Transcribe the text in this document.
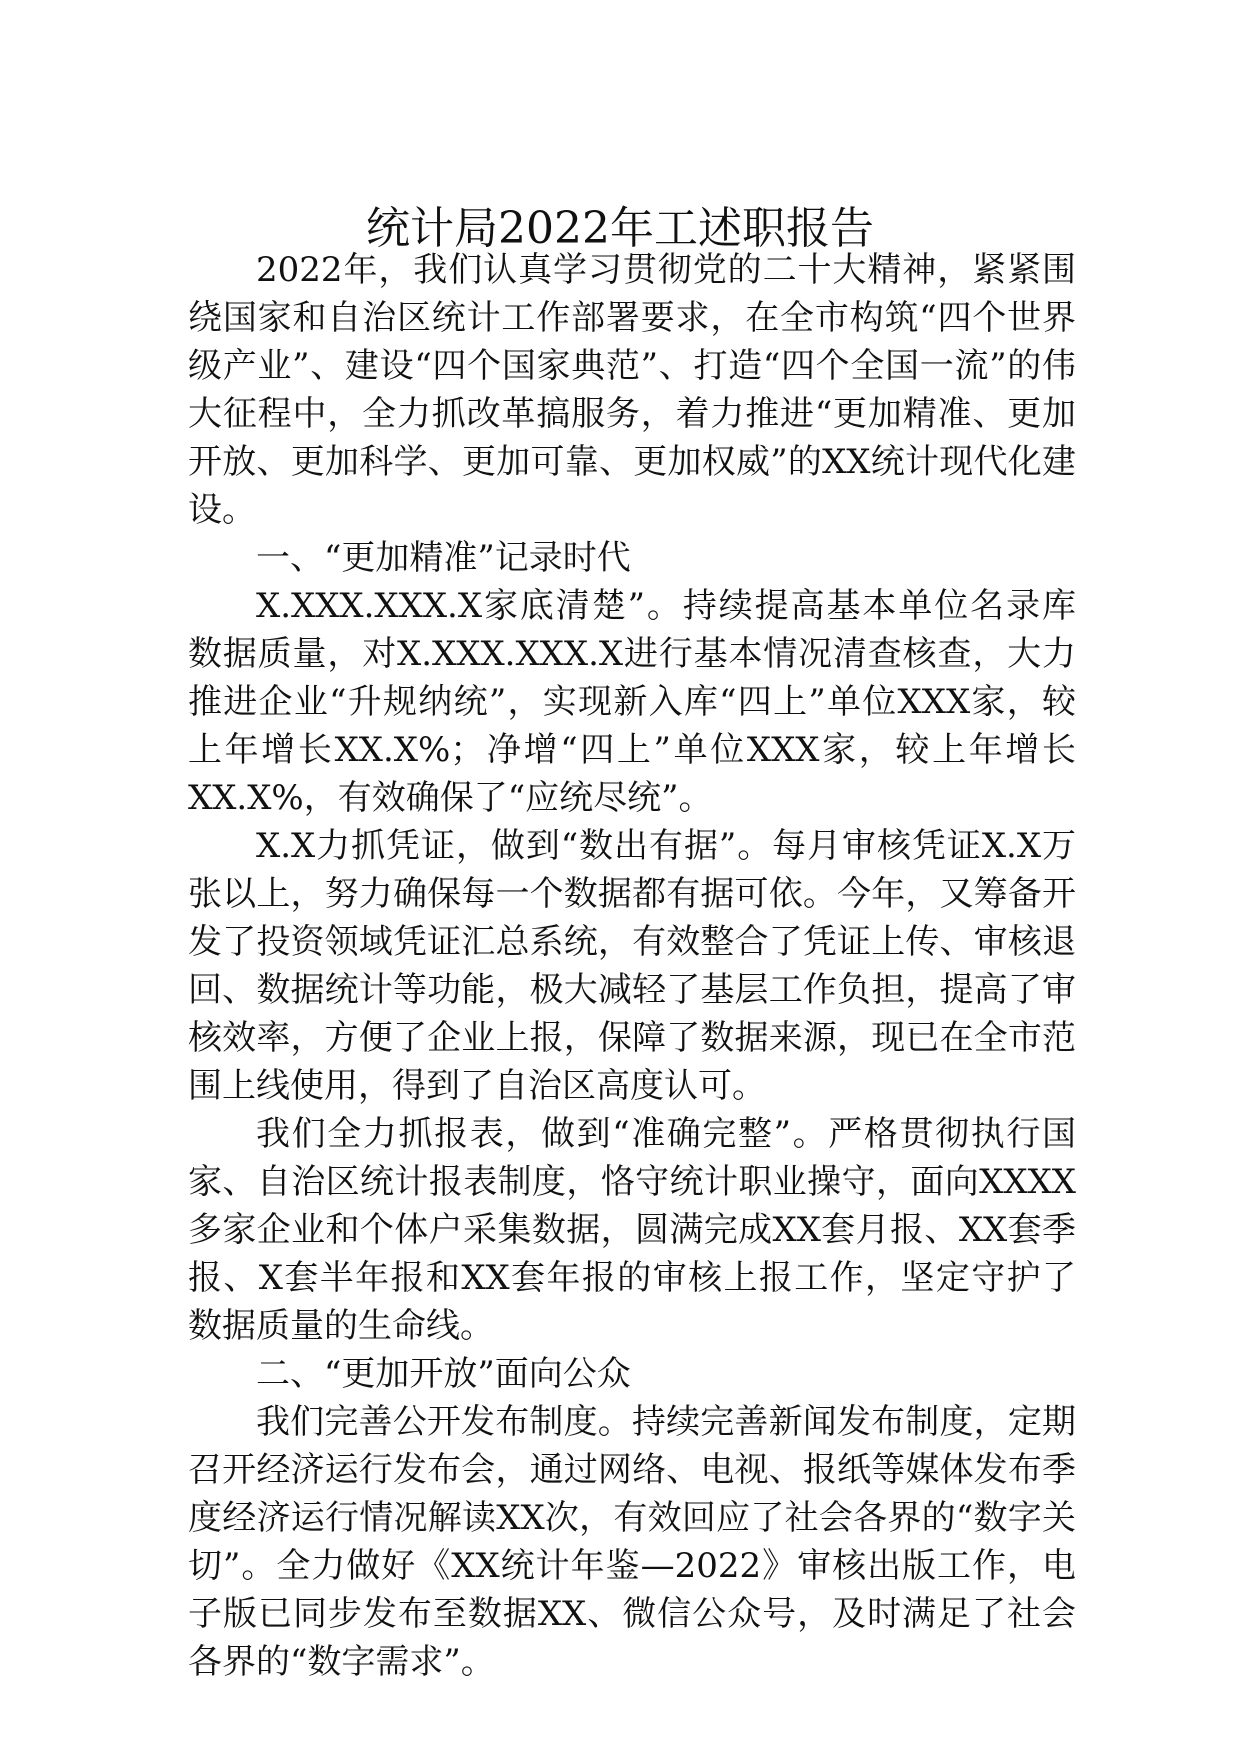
统计局2022年工述职报告

2022年，我们认真学习贯彻党的二十大精神，紧紧围绕国家和自治区统计工作部署要求，在全市构筑“四个世界级产业”、建设“四个国家典范”、打造“四个全国一流”的伟大征程中，全力抓改革搞服务，着力推进“更加精准、更加开放、更加科学、更加可靠、更加权威”的XX统计现代化建设。

一、“更加精准”记录时代

X.XXX.XXX.X家底清楚”。持续提高基本单位名录库数据质量，对X.XXX.XXX.X进行基本情况清查核查，大力推进企业“升规纳统”，实现新入库“四上”单位XXX家，较上年增长XX.X%；净增“四上”单位XXX家，较上年增长XX.X%，有效确保了“应统尽统”。

X.X力抓凭证，做到“数出有据”。每月审核凭证X.X万张以上，努力确保每一个数据都有据可依。今年，又筹备开发了投资领域凭证汇总系统，有效整合了凭证上传、审核退回、数据统计等功能，极大减轻了基层工作负担，提高了审核效率，方便了企业上报，保障了数据来源，现已在全市范围上线使用，得到了自治区高度认可。

我们全力抓报表，做到“准确完整”。严格贯彻执行国家、自治区统计报表制度，恪守统计职业操守，面向XXXX多家企业和个体户采集数据，圆满完成XX套月报、XX套季报、X套半年报和XX套年报的审核上报工作，坚定守护了数据质量的生命线。

二、“更加开放”面向公众

我们完善公开发布制度。持续完善新闻发布制度，定期召开经济运行发布会，通过网络、电视、报纸等媒体发布季度经济运行情况解读XX次，有效回应了社会各界的“数字关切”。全力做好《XX统计年鉴—2022》审核出版工作，电子版已同步发布至数据XX、微信公众号，及时满足了社会各界的“数字需求”。
